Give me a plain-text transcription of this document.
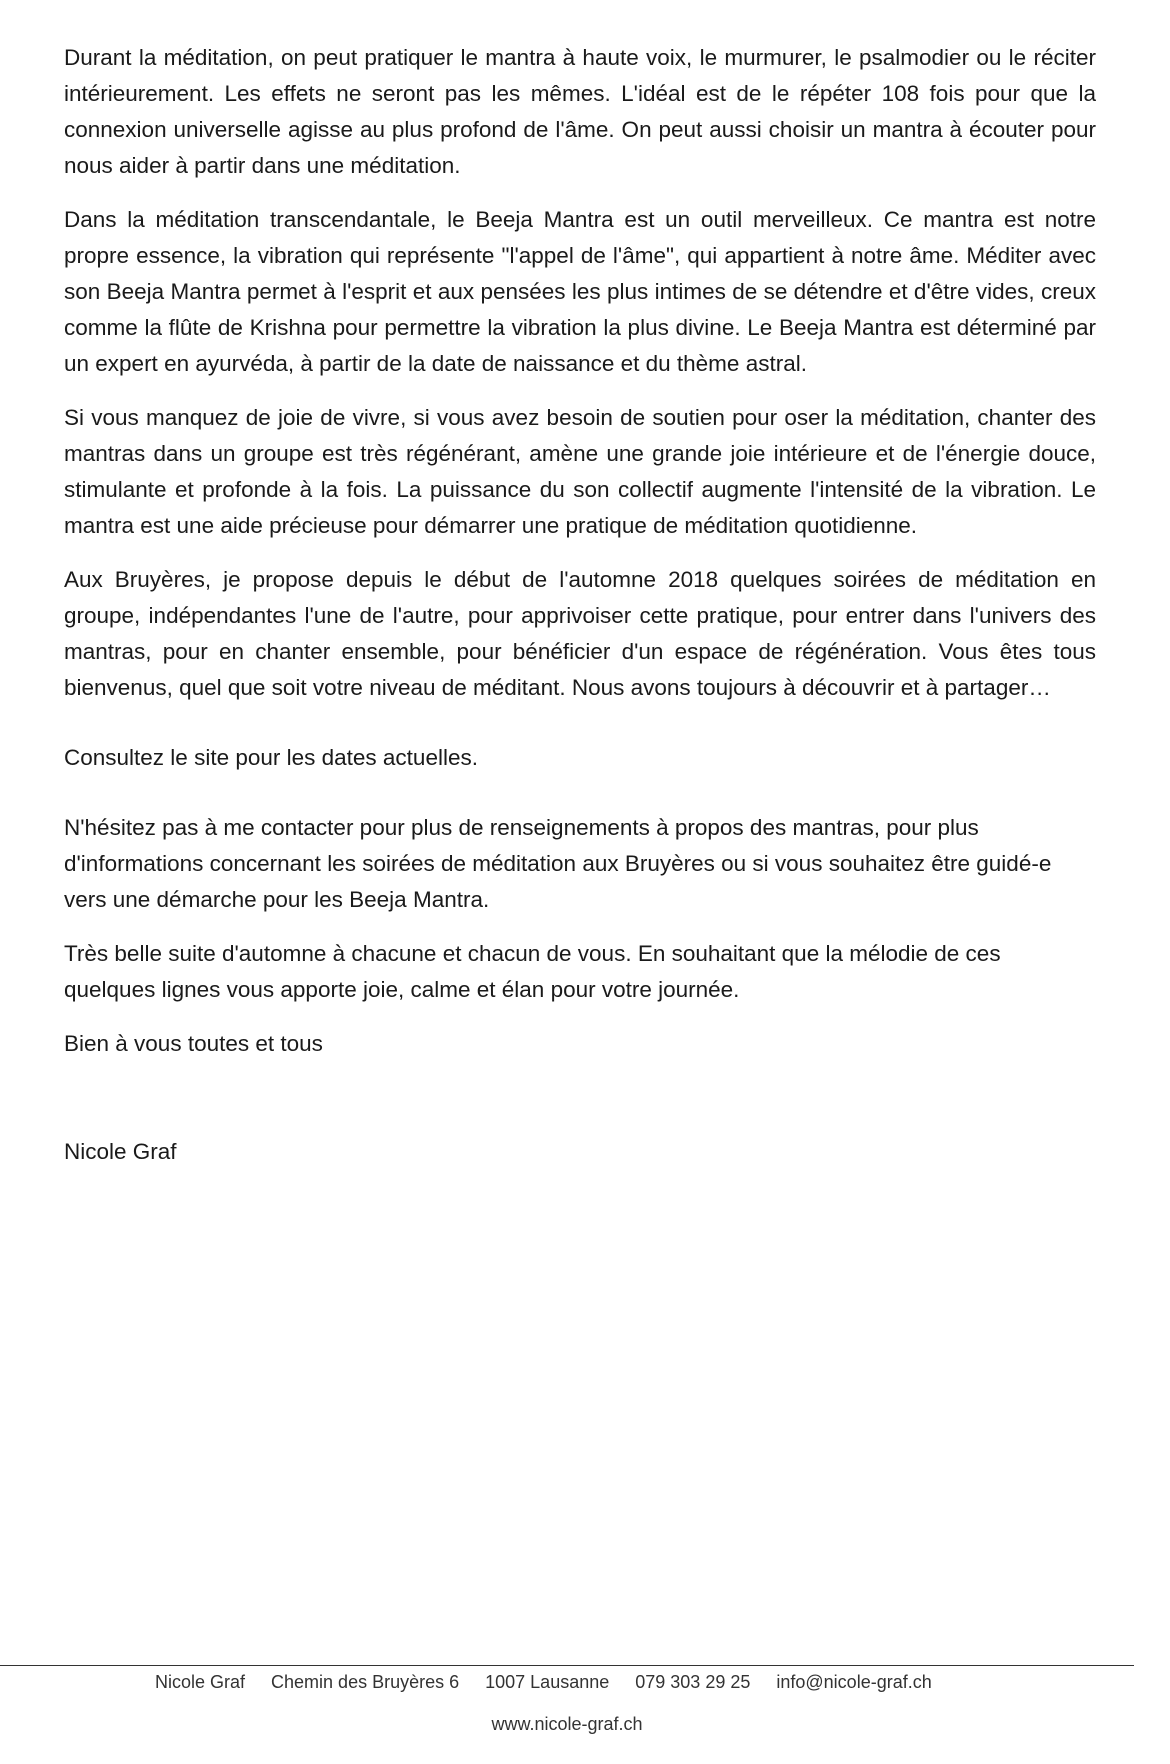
Durant la méditation, on peut pratiquer le mantra à haute voix, le murmurer, le psalmodier ou le réciter intérieurement. Les effets ne seront pas les mêmes. L'idéal est de le répéter 108 fois pour que la connexion universelle agisse au plus profond de l'âme. On peut aussi choisir un mantra à écouter pour nous aider à partir dans une méditation.

Dans la méditation transcendantale, le Beeja Mantra est un outil merveilleux. Ce mantra est notre propre essence, la vibration qui représente "l'appel de l'âme", qui appartient à notre âme. Méditer avec son Beeja Mantra permet à l'esprit et aux pensées les plus intimes de se détendre et d'être vides, creux comme la flûte de Krishna pour permettre la vibration la plus divine. Le Beeja Mantra est déterminé par un expert en ayurvéda, à partir de la date de naissance et du thème astral.

Si vous manquez de joie de vivre, si vous avez besoin de soutien pour oser la méditation, chanter des mantras dans un groupe est très régénérant, amène une grande joie intérieure et de l'énergie douce, stimulante et profonde à la fois. La puissance du son collectif augmente l'intensité de la vibration. Le mantra est une aide précieuse pour démarrer une pratique de méditation quotidienne.

Aux Bruyères, je propose depuis le début de l'automne 2018 quelques soirées de méditation en groupe, indépendantes l'une de l'autre, pour apprivoiser cette pratique, pour entrer dans l'univers des mantras, pour en chanter ensemble, pour bénéficier d'un espace de régénération. Vous êtes tous bienvenus, quel que soit votre niveau de méditant. Nous avons toujours à découvrir et à partager…

Consultez le site pour les dates actuelles.

N'hésitez pas à me contacter pour plus de renseignements à propos des mantras, pour plus d'informations concernant les soirées de méditation aux Bruyères ou si vous souhaitez être guidé-e vers une démarche pour les Beeja Mantra.

Très belle suite d'automne à chacune et chacun de vous. En souhaitant que la mélodie de ces quelques lignes vous apporte joie, calme et élan pour votre journée.

Bien à vous toutes et tous

Nicole Graf

Nicole Graf Chemin des Bruyères 6 1007 Lausanne 079 303 29 25 info@nicole-graf.ch
www.nicole-graf.ch
